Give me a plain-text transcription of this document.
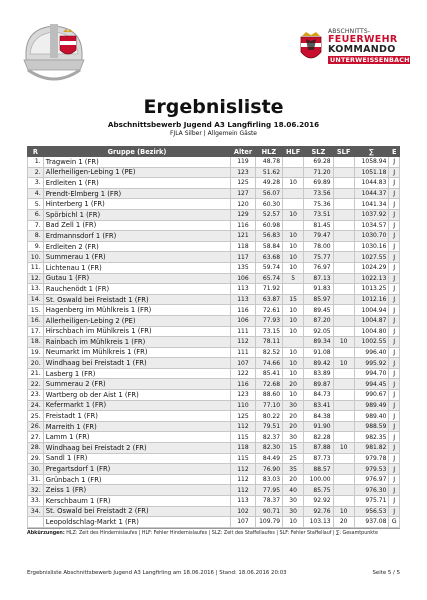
ABSCHNITTS-
FEUERWEHR
KOMMANDO
UNTERWEISSENBACH
Ergebnisliste
Abschnittsbewerb Jugend A3 Langfirling 18.06.2016
FJLA Silber | Allgemein Gäste
R	Gruppe (Bezirk)	Alter	HLZ	HLF	SLZ	SLF	∑	E
1.	Tragwein 1 (FR)	119	48.78		69.28		1058.94	J
2.	Allerheiligen-Lebing 1 (PE)	123	51.62		71.20		1051.18	J
3.	Erdleiten 1 (FR)	125	49.28	10	69.89		1044.83	J
4.	Prendt-Elmberg 1 (FR)	127	56.07		73.56		1044.37	J
5.	Hinterberg 1 (FR)	120	60.30		75.36		1041.34	J
6.	Spörbichl 1 (FR)	129	52.57	10	73.51		1037.92	J
7.	Bad Zell 1 (FR)	116	60.98		81.45		1034.57	J
8.	Erdmannsdorf 1 (FR)	121	56.83	10	79.47		1030.70	J
9.	Erdleiten 2 (FR)	118	58.84	10	78.00		1030.16	J
10.	Summerau 1 (FR)	117	63.68	10	75.77		1027.55	J
11.	Lichtenau 1 (FR)	135	59.74	10	76.97		1024.29	J
12.	Gutau 1 (FR)	106	65.74	5	87.13		1022.13	J
13.	Rauchenödt 1 (FR)	113	71.92		91.83		1013.25	J
14.	St. Oswald bei Freistadt 1 (FR)	113	63.87	15	85.97		1012.16	J
15.	Hagenberg im Mühlkreis 1 (FR)	116	72.61	10	89.45		1004.94	J
16.	Allerheiligen-Lebing 2 (PE)	106	77.93	10	87.20		1004.87	J
17.	Hirschbach im Mühlkreis 1 (FR)	111	73.15	10	92.05		1004.80	J
18.	Rainbach im Mühlkreis 1 (FR)	112	78.11		89.34	10	1002.55	J
19.	Neumarkt im Mühlkreis 1 (FR)	111	82.52	10	91.08		996.40	J
20.	Windhaag bei Freistadt 1 (FR)	107	74.66	10	89.42	10	995.92	J
21.	Lasberg 1 (FR)	122	85.41	10	83.89		994.70	J
22.	Summerau 2 (FR)	116	72.68	20	89.87		994.45	J
23.	Wartberg ob der Aist 1 (FR)	123	88.60	10	84.73		990.67	J
24.	Kefermarkt 1 (FR)	110	77.10	30	83.41		989.49	J
25.	Freistadt 1 (FR)	125	80.22	20	84.38		989.40	J
26.	Marreith 1 (FR)	112	79.51	20	91.90		988.59	J
27.	Lamm 1 (FR)	115	82.37	30	82.28		982.35	J
28.	Windhaag bei Freistadt 2 (FR)	118	82.30	15	87.88	10	981.82	J
29.	Sandl 1 (FR)	115	84.49	25	87.73		979.78	J
30.	Pregartsdorf 1 (FR)	112	76.90	35	88.57		979.53	J
31.	Grünbach 1 (FR)	112	83.03	20	100.00		976.97	J
32.	Zeiss 1 (FR)	112	77.95	40	85.75		976.30	J
33.	Kerschbaum 1 (FR)	113	78.37	30	92.92		975.71	J
34.	St. Oswald bei Freistadt 2 (FR)	102	90.71	30	92.76	10	956.53	J
	Leopoldschlag-Markt 1 (FR)	107	109.79	10	103.13	20	937.08	G
Abkürzungen: HLZ: Zeit des Hindernislaufes | HLF: Fehler Hindernislaufes | SLZ: Zeit des Staffellaufes | SLF: Fehler Staffellauf | ∑: Gesamtpunkte
Ergebnisliste Abschnittsbewerb Jugend A3 Langfirling am 18.06.2016 | Stand: 18.06.2016 20:03	Seite 5 / 5
